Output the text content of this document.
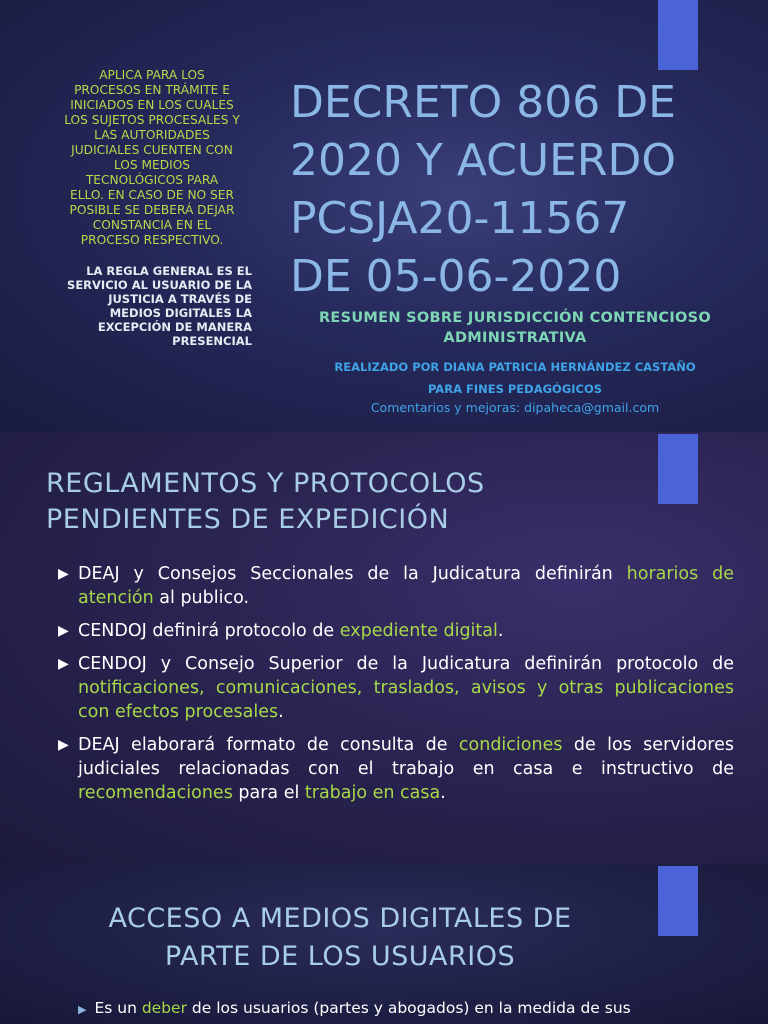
APLICA PARA LOS
PROCESOS EN TRÁMITE E
INICIADOS EN LOS CUALES
LOS SUJETOS PROCESALES Y
LAS AUTORIDADES
JUDICIALES CUENTEN CON
LOS MEDIOS
TECNOLÓGICOS PARA
ELLO. EN CASO DE NO SER
POSIBLE SE DEBERÁ DEJAR
CONSTANCIA EN EL
PROCESO RESPECTIVO.
LA REGLA GENERAL ES EL
SERVICIO AL USUARIO DE LA
JUSTICIA A TRAVÉS DE
MEDIOS DIGITALES LA
EXCEPCIÓN DE MANERA
PRESENCIAL
DECRETO 806 DE
2020 Y ACUERDO
PCSJA20-11567
DE 05-06-2020
RESUMEN SOBRE JURISDICCIÓN CONTENCIOSO
ADMINISTRATIVA
REALIZADO POR DIANA PATRICIA HERNÁNDEZ CASTAÑO
PARA FINES PEDAGÓGICOS
Comentarios y mejoras: dipaheca@gmail.com
REGLAMENTOS Y PROTOCOLOS
PENDIENTES DE EXPEDICIÓN
▶ DEAJ y Consejos Seccionales de la Judicatura definirán horarios de atención al publico.
▶ CENDOJ definirá protocolo de expediente digital.
▶ CENDOJ y Consejo Superior de la Judicatura definirán protocolo de notificaciones, comunicaciones, traslados, avisos y otras publicaciones con efectos procesales.
▶ DEAJ elaborará formato de consulta de condiciones de los servidores judiciales relacionadas con el trabajo en casa e instructivo de recomendaciones para el trabajo en casa.
ACCESO A MEDIOS DIGITALES DE
PARTE DE LOS USUARIOS

▶ Es un deber de los usuarios (partes y abogados) en la medida de sus
